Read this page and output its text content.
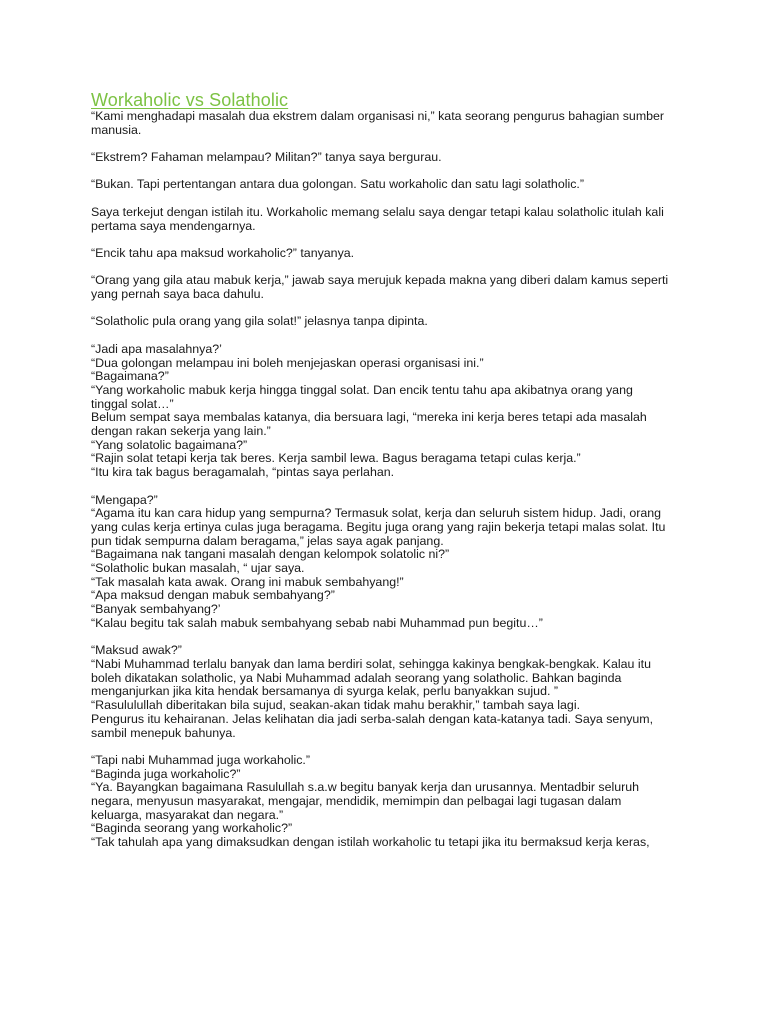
Workaholic vs Solatholic

“Kami menghadapi masalah dua ekstrem dalam organisasi ni,” kata seorang pengurus bahagian sumber

manusia.

“Ekstrem? Fahaman melampau? Militan?” tanya saya bergurau.

“Bukan. Tapi pertentangan antara dua golongan. Satu workaholic dan satu lagi solatholic.”

Saya terkejut dengan istilah itu. Workaholic memang selalu saya dengar tetapi kalau solatholic itulah kali

pertama saya mendengarnya.

“Encik tahu apa maksud workaholic?” tanyanya.

“Orang yang gila atau mabuk kerja,” jawab saya merujuk kepada makna yang diberi dalam kamus seperti

yang pernah saya baca dahulu.

“Solatholic pula orang yang gila solat!” jelasnya tanpa dipinta.

“Jadi apa masalahnya?’

“Dua golongan melampau ini boleh menjejaskan operasi organisasi ini.”

“Bagaimana?”

“Yang workaholic mabuk kerja hingga tinggal solat. Dan encik tentu tahu apa akibatnya orang yang

tinggal solat…”

Belum sempat saya membalas katanya, dia bersuara lagi, “mereka ini kerja beres tetapi ada masalah

dengan rakan sekerja yang lain.”

“Yang solatolic bagaimana?”

“Rajin solat tetapi kerja tak beres. Kerja sambil lewa. Bagus beragama tetapi culas kerja.”

“Itu kira tak bagus beragamalah, “pintas saya perlahan.

“Mengapa?”

“Agama itu kan cara hidup yang sempurna? Termasuk solat, kerja dan seluruh sistem hidup. Jadi, orang

yang culas kerja ertinya culas juga beragama. Begitu juga orang yang rajin bekerja tetapi malas solat. Itu

pun tidak sempurna dalam beragama,” jelas saya agak panjang.

“Bagaimana nak tangani masalah dengan kelompok solatolic ni?”

“Solatholic bukan masalah, “ ujar saya.

“Tak masalah kata awak. Orang ini mabuk sembahyang!”

“Apa maksud dengan mabuk sembahyang?”

“Banyak sembahyang?’

“Kalau begitu tak salah mabuk sembahyang sebab nabi Muhammad pun begitu…”

“Maksud awak?”

“Nabi Muhammad terlalu banyak dan lama berdiri solat, sehingga kakinya bengkak-bengkak. Kalau itu

boleh dikatakan solatholic, ya Nabi Muhammad adalah seorang yang solatholic. Bahkan baginda

menganjurkan jika kita hendak bersamanya di syurga kelak, perlu banyakkan sujud. ”

“Rasululullah diberitakan bila sujud, seakan-akan tidak mahu berakhir,” tambah saya lagi.

Pengurus itu kehairanan. Jelas kelihatan dia jadi serba-salah dengan kata-katanya tadi. Saya senyum,

sambil menepuk bahunya.

“Tapi nabi Muhammad juga workaholic.”

“Baginda juga workaholic?”

“Ya. Bayangkan bagaimana Rasulullah s.a.w begitu banyak kerja dan urusannya. Mentadbir seluruh

negara, menyusun masyarakat, mengajar, mendidik, memimpin dan pelbagai lagi tugasan dalam

keluarga, masyarakat dan negara.”

“Baginda seorang yang workaholic?”

“Tak tahulah apa yang dimaksudkan dengan istilah workaholic tu tetapi jika itu bermaksud kerja keras,
